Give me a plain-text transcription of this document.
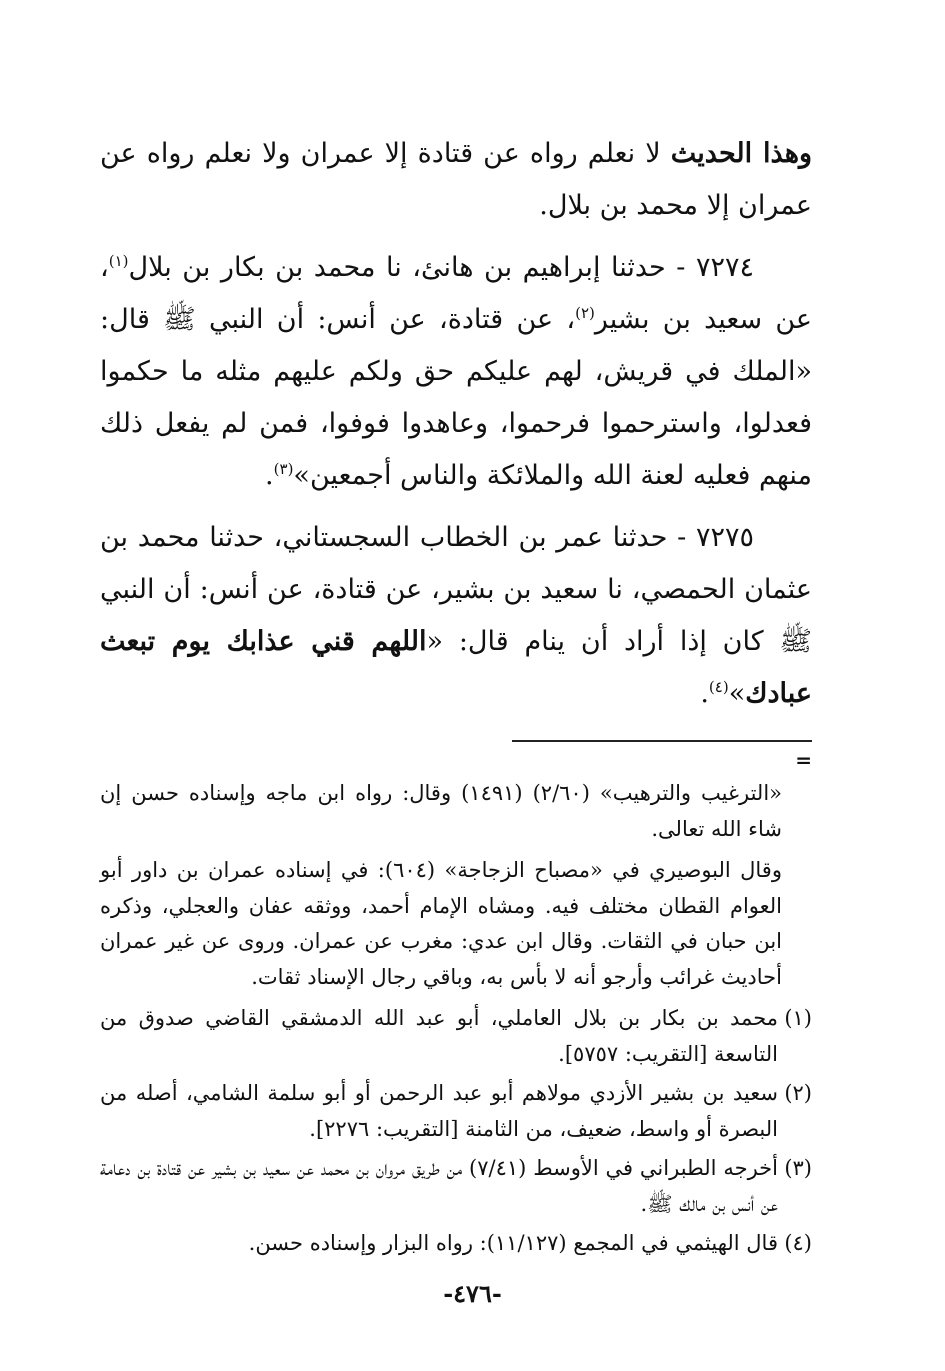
وهذا الحديث لا نعلم رواه عن قتادة إلا عمران ولا نعلم رواه عن عمران إلا محمد بن بلال.

٧٢٧٤ - حدثنا إبراهيم بن هانئ، نا محمد بن بكار بن بلال$^{(١)}$، عن سعيد بن بشير$^{(٢)}$، عن قتادة، عن أنس: أن النبي ﷺ قال: «الملك في قريش، لهم عليكم حق ولكم عليهم مثله ما حكموا فعدلوا، واسترحموا فرحموا، وعاهدوا فوفوا، فمن لم يفعل ذلك منهم فعليه لعنة الله والملائكة والناس أجمعين»$^{(٣)}$.

٧٢٧٥ - حدثنا عمر بن الخطاب السجستاني، حدثنا محمد بن عثمان الحمصي، نا سعيد بن بشير، عن قتادة، عن أنس: أن النبي ﷺ كان إذا أراد أن ينام قال: «اللهم قني عذابك يوم تبعث عبادك»$^{(٤)}$.

=
«الترغيب والترهيب» (٢/٦٠) (١٤٩١) وقال: رواه ابن ماجه وإسناده حسن إن شاء الله تعالى.
وقال البوصيري في «مصباح الزجاجة» (٦٠٤): في إسناده عمران بن داور أبو العوام القطان مختلف فيه. ومشاه الإمام أحمد، ووثقه عفان والعجلي، وذكره ابن حبان في الثقات. وقال ابن عدي: مغرب عن عمران. وروى عن غير عمران أحاديث غرائب وأرجو أنه لا بأس به، وباقي رجال الإسناد ثقات.
(١)
محمد بن بكار بن بلال العاملي، أبو عبد الله الدمشقي القاضي صدوق من التاسعة [التقريب: ٥٧٥٧].
(٢)
سعيد بن بشير الأزدي مولاهم أبو عبد الرحمن أو أبو سلمة الشامي، أصله من البصرة أو واسط، ضعيف، من الثامنة [التقريب: ٢٢٧٦].
(٣)
أخرجه الطبراني في الأوسط (٧/٤١) من طريق مروان بن محمد عن سعيد بن بشير عن قتادة بن دعامة عن أنس بن مالك ﷺ.
(٤)
قال الهيثمي في المجمع (١١/١٢٧): رواه البزار وإسناده حسن.
-٤٧٦-
